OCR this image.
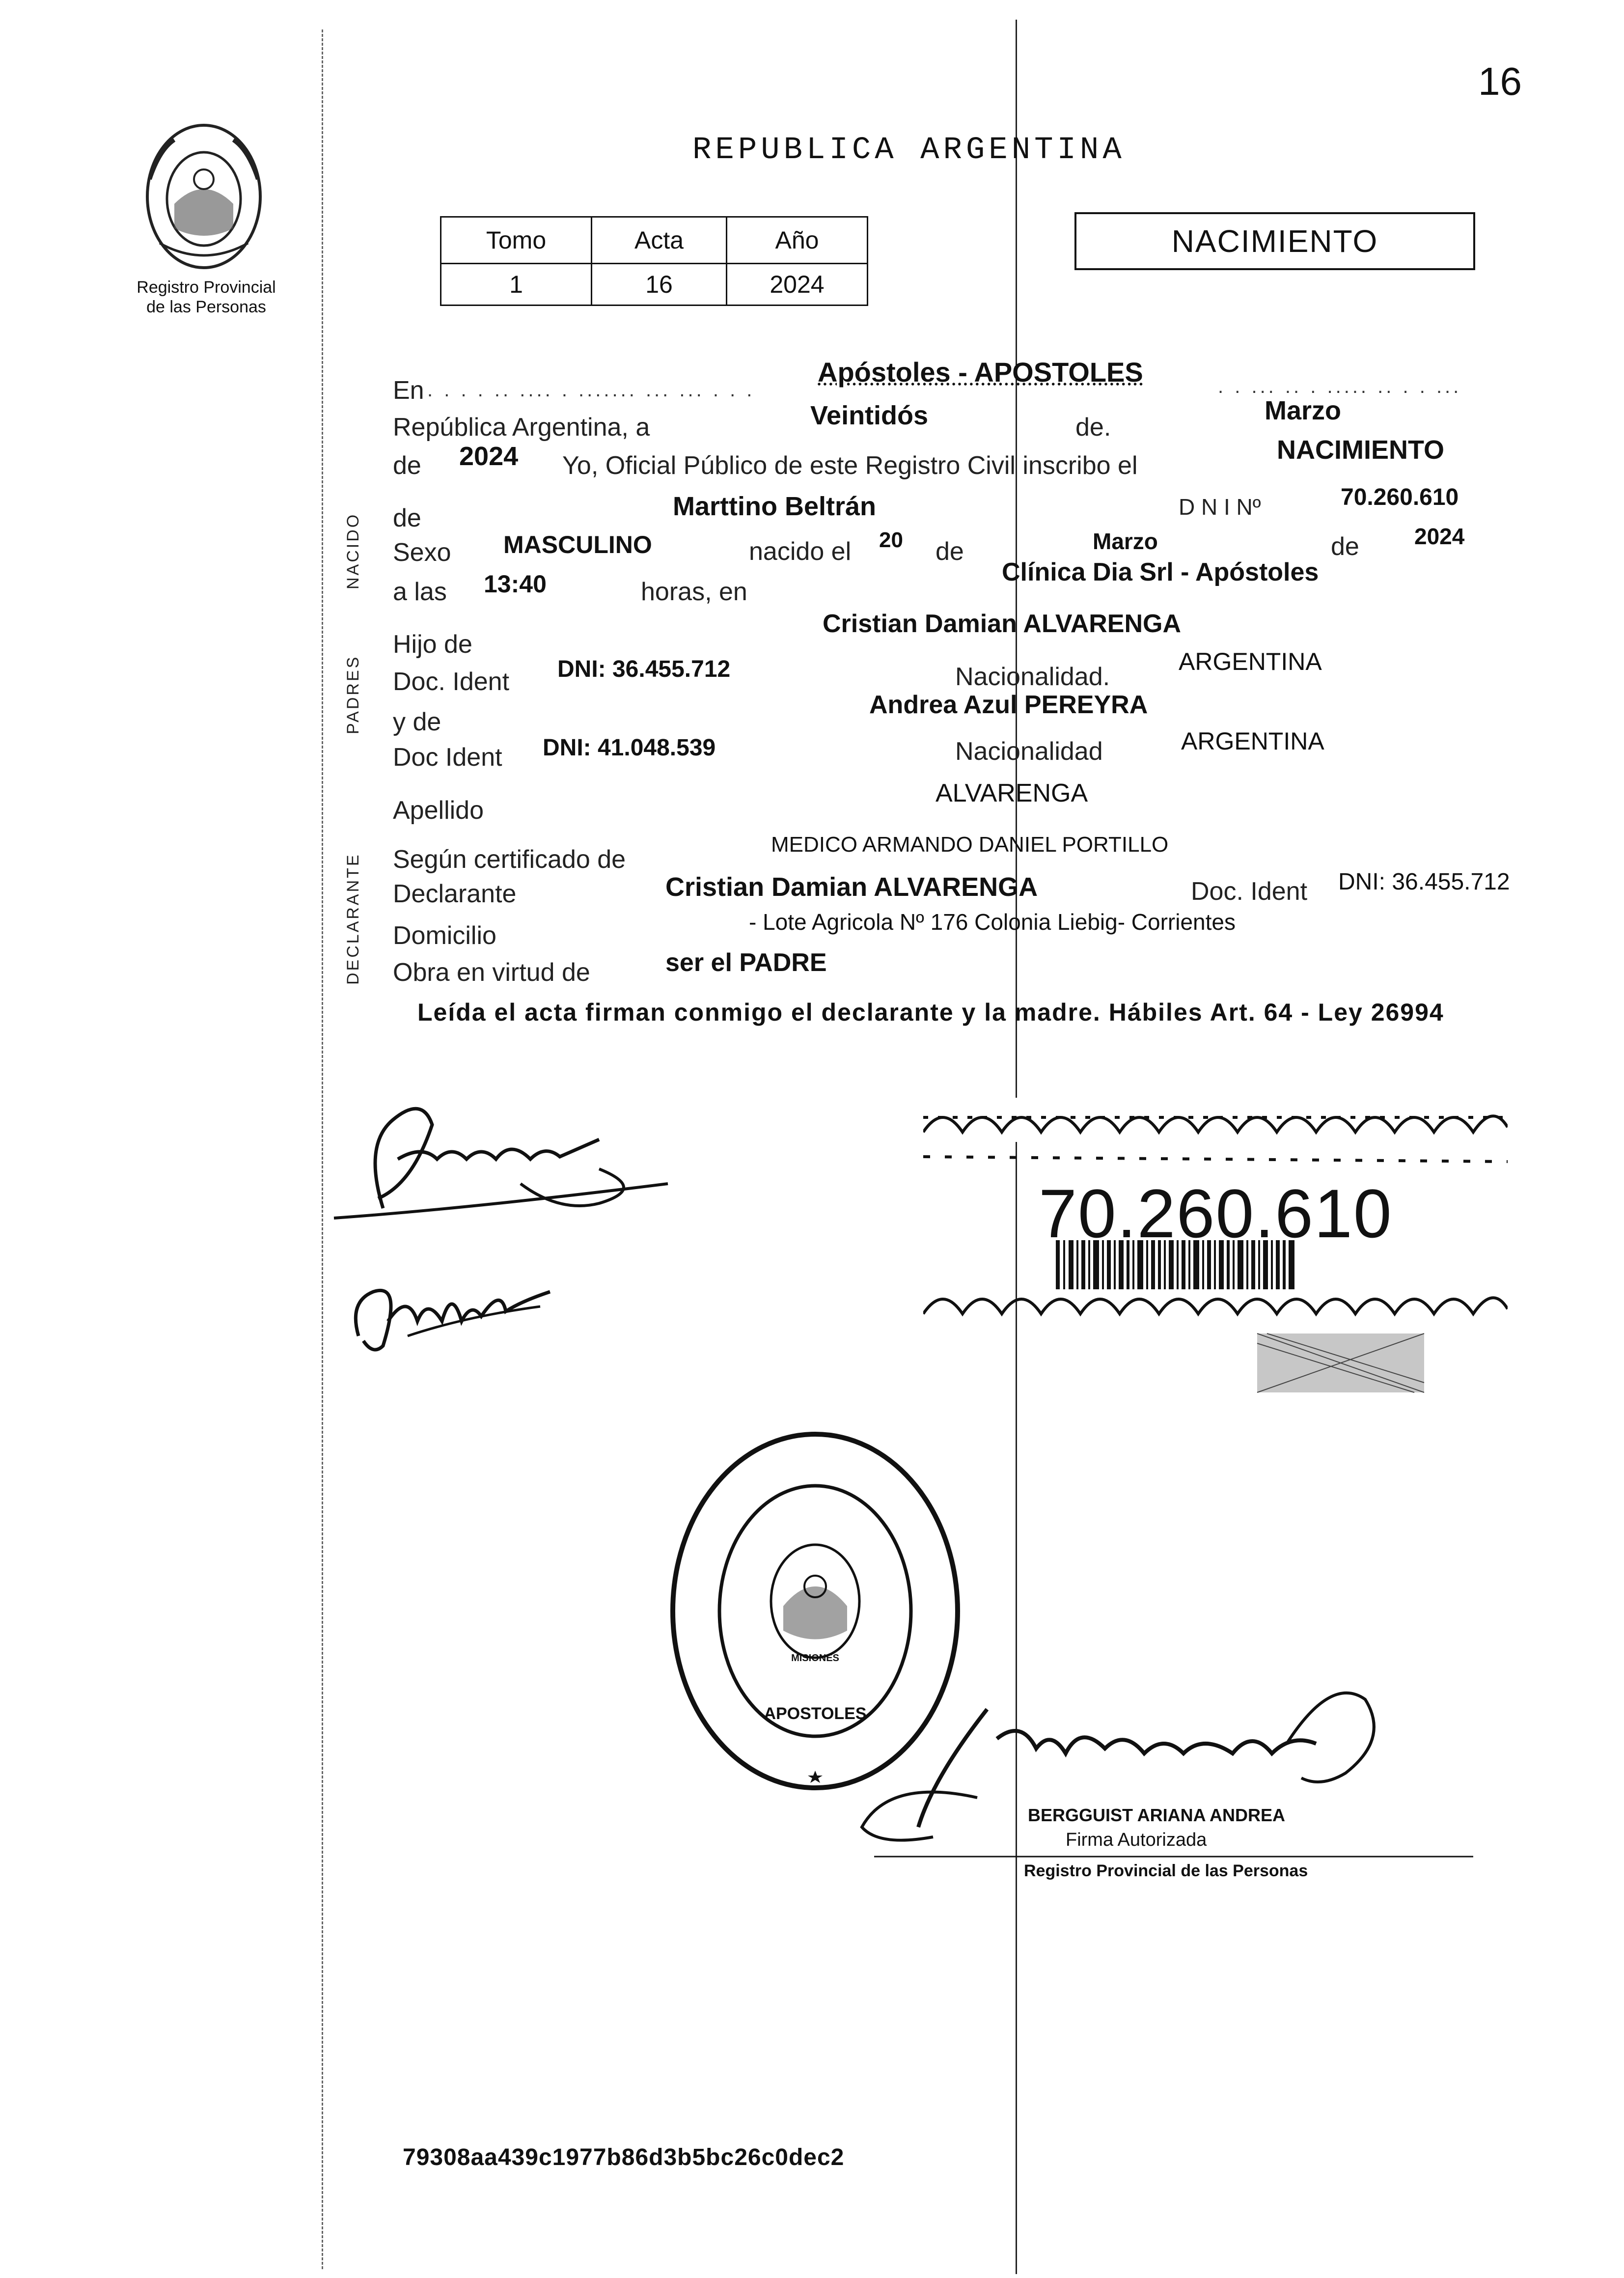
16
Registro Provincial
de las Personas
REPUBLICA ARGENTINA
Tomo	Acta	Año
1	16	2024
NACIMIENTO
NACIDO
PADRES
DECLARANTE
En . . . . .. .... . ....... ... ... . . .
Apóstoles - APOSTOLES	. . ... .. . ..... .. . . ...
República Argentina, a	Veintidós	de.
Marzo
de 2024 Yo, Oficial Público de este Registro Civil inscribo el
NACIMIENTO
de	Marttino Beltrán	D N I Nº	70.260.610
Sexo MASCULINO	nacido el 20 de	Marzo	de 2024
a las 13:40	horas, en
Clínica Dia Srl - Apóstoles
Hijo de
Cristian Damian ALVARENGA
Doc. Ident DNI: 36.455.712	Nacionalidad.
ARGENTINA
y de
Andrea Azul PEREYRA
Doc Ident DNI: 41.048.539	Nacionalidad	ARGENTINA
Apellido
ALVARENGA
Según certificado de
MEDICO ARMANDO DANIEL PORTILLO
Declarante	Cristian Damian ALVARENGA	Doc. Ident DNI: 36.455.712
Domicilio	- Lote Agricola Nº 176 Colonia Liebig- Corrientes
Obra en virtud de	ser el PADRE
Leída el acta firman conmigo el declarante y la madre. Hábiles Art. 64 - Ley 26994
70.260.610
APOSTOLES
MISIONES
BERGGUIST ARIANA ANDREA
Firma Autorizada
Registro Provincial de las Personas
79308aa439c1977b86d3b5bc26c0dec2
